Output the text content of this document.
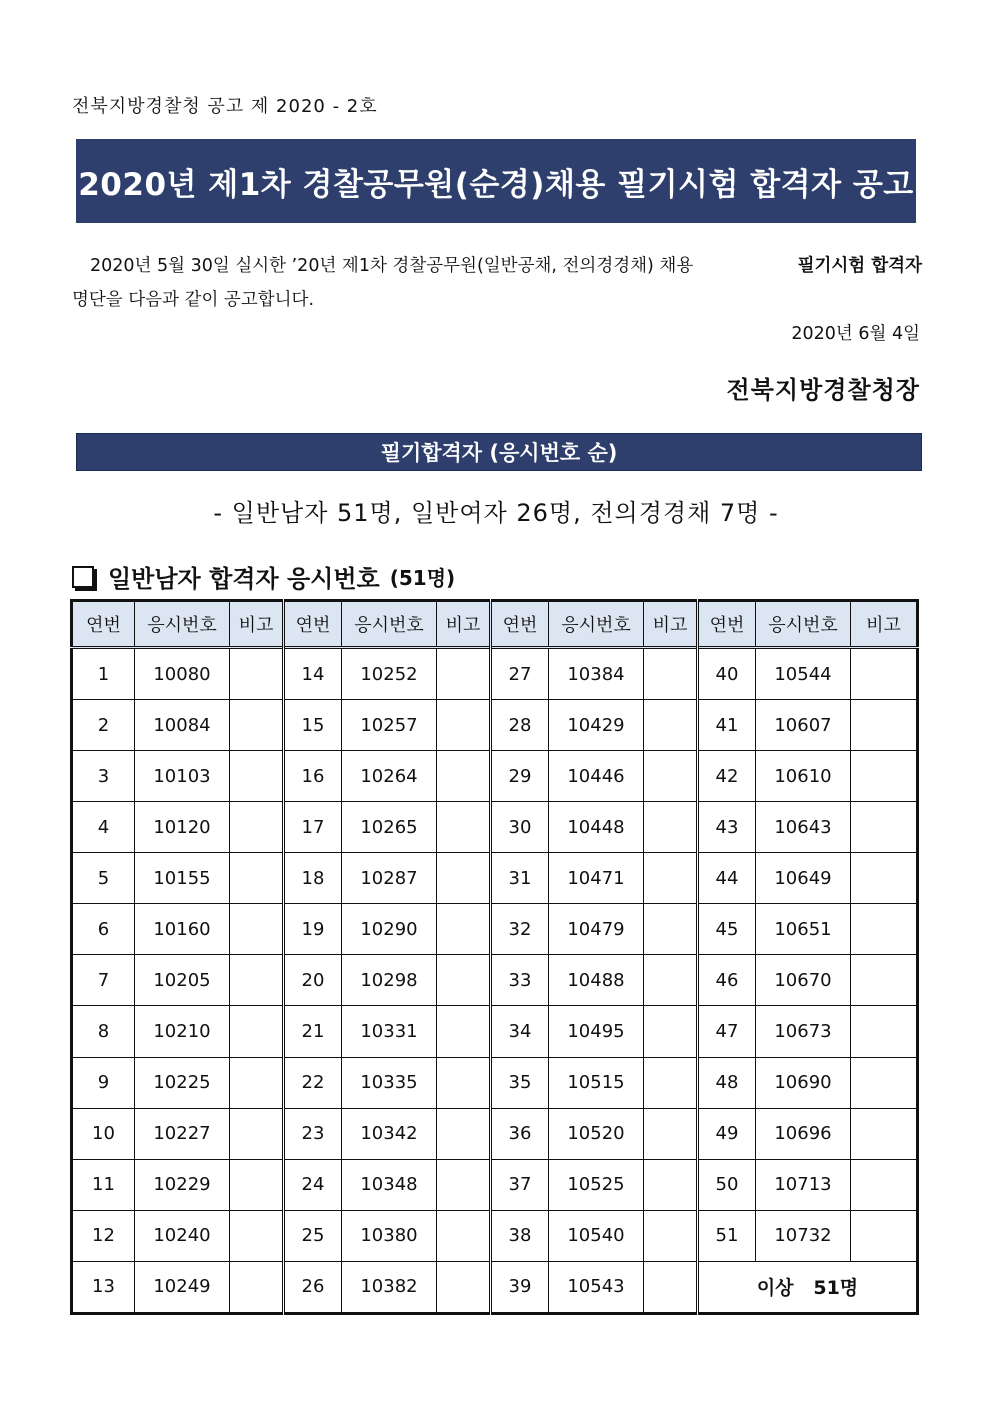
전북지방경찰청 공고 제 2020 - 2호
2020년 제1차 경찰공무원(순경)채용 필기시험 합격자 공고
2020년 5월 30일 실시한 ’20년 제1차 경찰공무원(일반공채, 전의경경채) 채용	필기시험 합격자
명단을 다음과 같이 공고합니다.
2020년 6월 4일
전북지방경찰청장
필기합격자 (응시번호 순)
- 일반남자 51명, 일반여자 26명, 전의경경채 7명 -
일반남자 합격자 응시번호 (51명)
연번	응시번호	비고	연번	응시번호	비고	연번	응시번호	비고	연번	응시번호	비고
1	10080		14	10252		27	10384		40	10544	
2	10084		15	10257		28	10429		41	10607	
3	10103		16	10264		29	10446		42	10610	
4	10120		17	10265		30	10448		43	10643	
5	10155		18	10287		31	10471		44	10649	
6	10160		19	10290		32	10479		45	10651	
7	10205		20	10298		33	10488		46	10670	
8	10210		21	10331		34	10495		47	10673	
9	10225		22	10335		35	10515		48	10690	
10	10227		23	10342		36	10520		49	10696	
11	10229		24	10348		37	10525		50	10713	
12	10240		25	10380		38	10540		51	10732	
13	10249		26	10382		39	10543		이상   51명		
